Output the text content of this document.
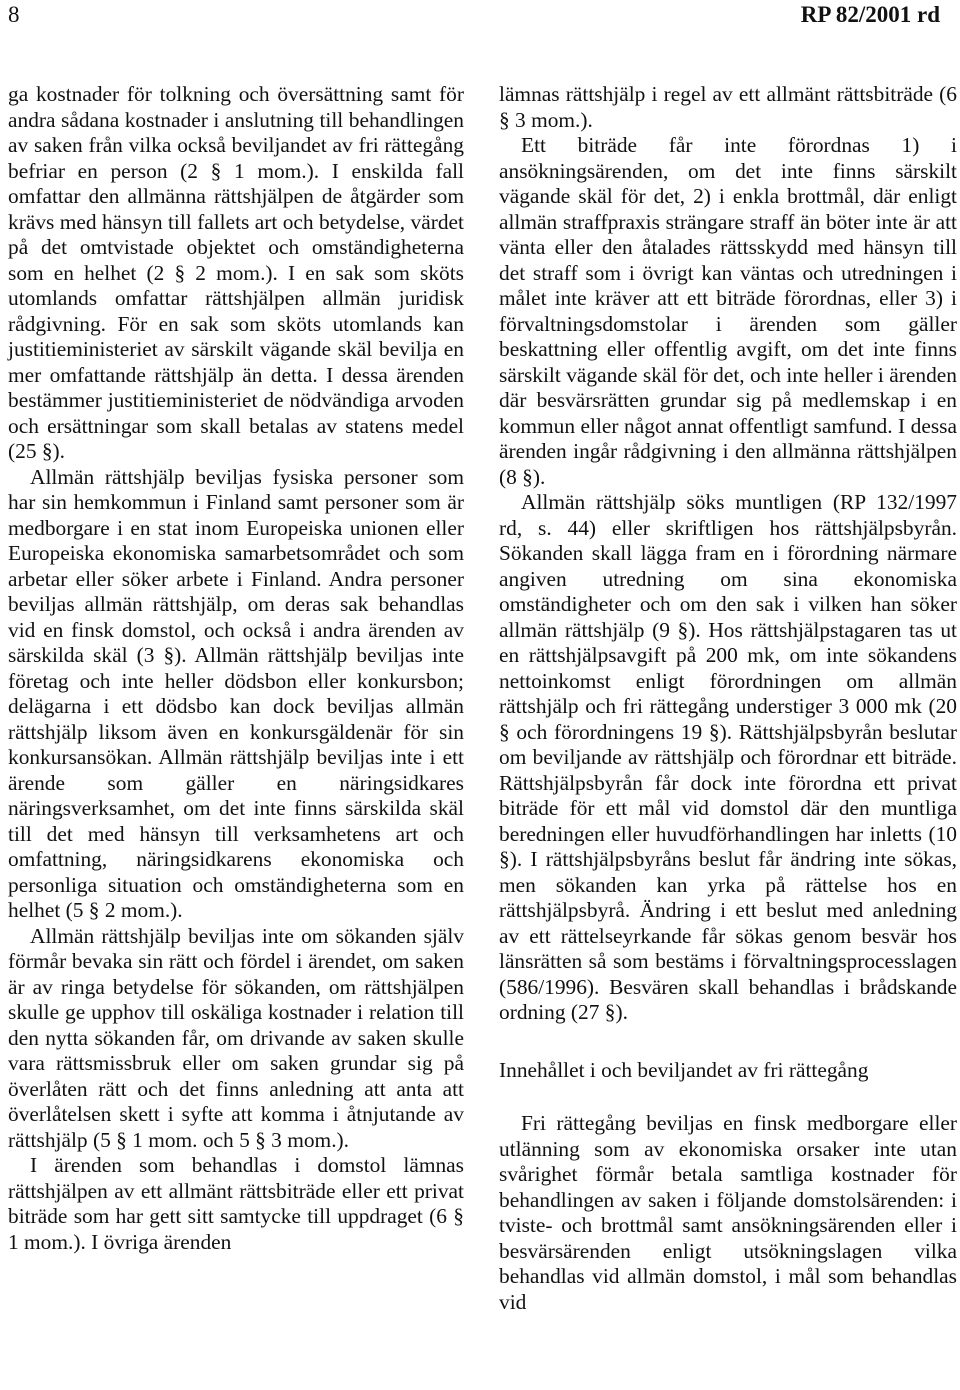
8	RP 82/2001 rd

ga kostnader för tolkning och översättning samt för andra sådana kostnader i anslutning till behandlingen av saken från vilka också beviljandet av fri rättegång befriar en person (2 § 1 mom.). I enskilda fall omfattar den allmänna rättshjälpen de åtgärder som krävs med hänsyn till fallets art och betydelse, värdet på det omtvistade objektet och omständigheterna som en helhet (2 § 2 mom.). I en sak som sköts utomlands omfattar rättshjälpen allmän juridisk rådgivning. För en sak som sköts utomlands kan justitieministeriet av särskilt vägande skäl bevilja en mer omfattande rättshjälp än detta. I dessa ärenden bestämmer justitieministeriet de nödvändiga arvoden och ersättningar som skall betalas av statens medel (25 §).

Allmän rättshjälp beviljas fysiska personer som har sin hemkommun i Finland samt personer som är medborgare i en stat inom Europeiska unionen eller Europeiska ekonomiska samarbetsområdet och som arbetar eller söker arbete i Finland. Andra personer beviljas allmän rättshjälp, om deras sak behandlas vid en finsk domstol, och också i andra ärenden av särskilda skäl (3 §). Allmän rättshjälp beviljas inte företag och inte heller dödsbon eller konkursbon; delägarna i ett dödsbo kan dock beviljas allmän rättshjälp liksom även en konkursgäldenär för sin konkursansökan. Allmän rättshjälp beviljas inte i ett ärende som gäller en näringsidkares näringsverksamhet, om det inte finns särskilda skäl till det med hänsyn till verksamhetens art och omfattning, näringsidkarens ekonomiska och personliga situation och omständigheterna som en helhet (5 § 2 mom.).

Allmän rättshjälp beviljas inte om sökanden själv förmår bevaka sin rätt och fördel i ärendet, om saken är av ringa betydelse för sökanden, om rättshjälpen skulle ge upphov till oskäliga kostnader i relation till den nytta sökanden får, om drivande av saken skulle vara rättsmissbruk eller om saken grundar sig på överlåten rätt och det finns anledning att anta att överlåtelsen skett i syfte att komma i åtnjutande av rättshjälp (5 § 1 mom. och 5 § 3 mom.).

I ärenden som behandlas i domstol lämnas rättshjälpen av ett allmänt rättsbiträde eller ett privat biträde som har gett sitt samtycke till uppdraget (6 § 1 mom.). I övriga ärenden

lämnas rättshjälp i regel av ett allmänt rättsbiträde (6 § 3 mom.).

Ett biträde får inte förordnas 1) i ansökningsärenden, om det inte finns särskilt vägande skäl för det, 2) i enkla brottmål, där enligt allmän straffpraxis strängare straff än böter inte är att vänta eller den åtalades rättsskydd med hänsyn till det straff som i övrigt kan väntas och utredningen i målet inte kräver att ett biträde förordnas, eller 3) i förvaltningsdomstolar i ärenden som gäller beskattning eller offentlig avgift, om det inte finns särskilt vägande skäl för det, och inte heller i ärenden där besvärsrätten grundar sig på medlemskap i en kommun eller något annat offentligt samfund. I dessa ärenden ingår rådgivning i den allmänna rättshjälpen (8 §).

Allmän rättshjälp söks muntligen (RP 132/1997 rd, s. 44) eller skriftligen hos rättshjälpsbyrån. Sökanden skall lägga fram en i förordning närmare angiven utredning om sina ekonomiska omständigheter och om den sak i vilken han söker allmän rättshjälp (9 §). Hos rättshjälpstagaren tas ut en rättshjälpsavgift på 200 mk, om inte sökandens nettoinkomst enligt förordningen om allmän rättshjälp och fri rättegång understiger 3 000 mk (20 § och förordningens 19 §). Rättshjälpsbyrån beslutar om beviljande av rättshjälp och förordnar ett biträde. Rättshjälpsbyrån får dock inte förordna ett privat biträde för ett mål vid domstol där den muntliga beredningen eller huvudförhandlingen har inletts (10 §). I rättshjälpsbyråns beslut får ändring inte sökas, men sökanden kan yrka på rättelse hos en rättshjälpsbyrå. Ändring i ett beslut med anledning av ett rättelseyrkande får sökas genom besvär hos länsrätten så som bestäms i förvaltningsprocesslagen (586/1996). Besvären skall behandlas i brådskande ordning (27 §).

Innehållet i och beviljandet av fri rättegång

Fri rättegång beviljas en finsk medborgare eller utlänning som av ekonomiska orsaker inte utan svårighet förmår betala samtliga kostnader för behandlingen av saken i följande domstolsärenden: i tviste- och brottmål samt ansökningsärenden eller i besvärsärenden enligt utsökningslagen vilka behandlas vid allmän domstol, i mål som behandlas vid
